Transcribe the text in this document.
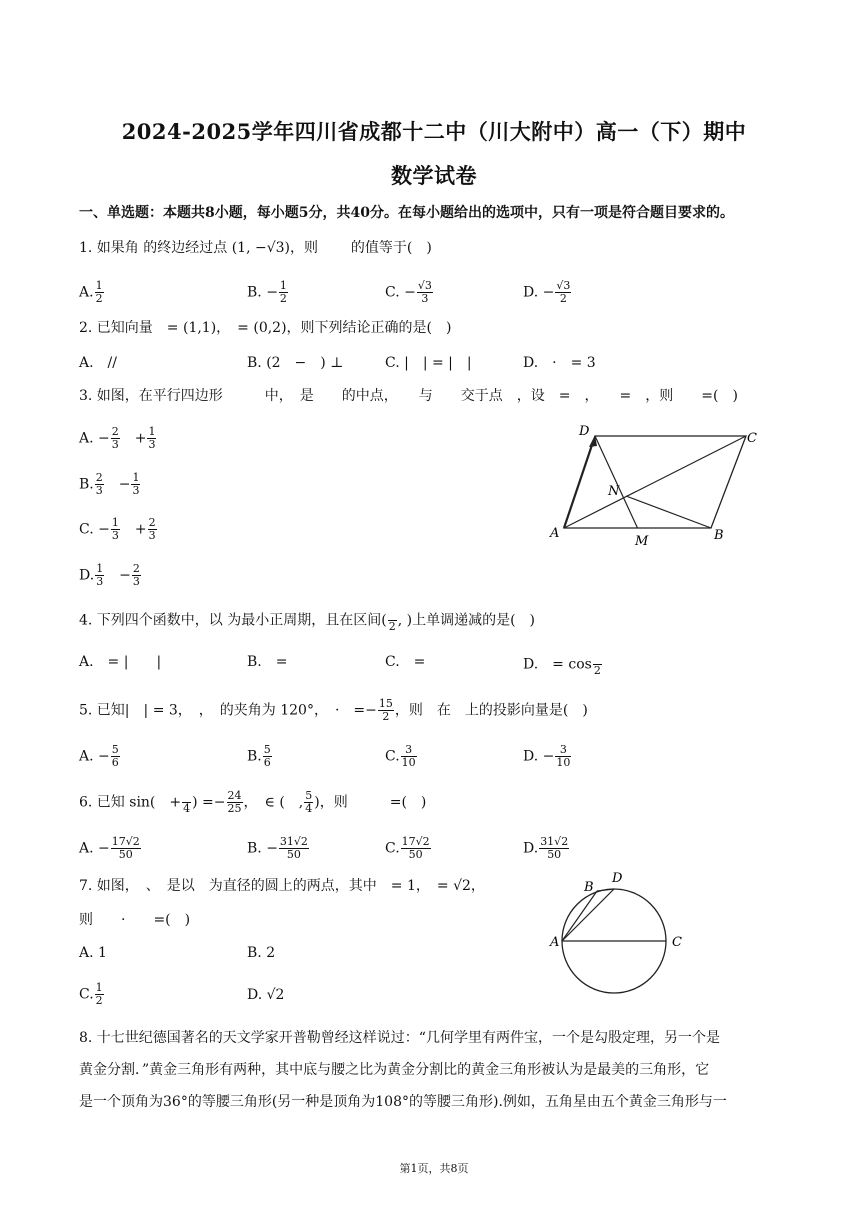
2024-2025学年四川省成都十二中（川大附中）高一（下）期中
数学试卷
一、单选题：本题共8小题，每小题5分，共40分。在每小题给出的选项中，只有一项是符合题目要求的。
1. 如果角 的终边经过点 (1, −√3)，则 的值等于(　)
A. $\frac{1}{2}$	B. − $\frac{1}{2}$	C. − $\frac{√3}{3}$	D. − $\frac{√3}{2}$
2. 已知向量　= (1,1)，　= (0,2)，则下列结论正确的是(　)
A.　//	B. (2　−　) ⊥	C. |　| = |　|	D.　·　= 3
3. 如图，在平行四边形　　　中，　是　　的中点，　　与　　交于点　，设　=　，　　=　，则　　=(　)
A. − $\frac{2}{3}$ 　+ $\frac{1}{3}$
B. $\frac{2}{3}$ 　− $\frac{1}{3}$
C. − $\frac{1}{3}$ 　+ $\frac{2}{3}$
D. $\frac{1}{3}$ 　− $\frac{2}{3}$
D	C
N
A
M	B
4. 下列四个函数中，以 为最小正周期，且在区间(
2 , )上单调递减的是(　)
A.　= |　　|	B.　=	C.　=	D.　= cos
2
5. 已知|　| = 3，　，　的夹角为 120°，　·　=− $\frac{15}{2}$ ，则　在　上的投影向量是(　)
A. − $\frac{5}{6}$	B. $\frac{5}{6}$	C. $\frac{3}{10}$	D. − $\frac{3}{10}$
6. 已知 sin(　+
4 ) =− $\frac{24}{25}$ ，　∈ (　, $\frac{5}{4}$ )，则　　　=(　)
A. − $\frac{17√2}{50}$	B. − $\frac{31√2}{50}$	C. $\frac{17√2}{50}$	D. $\frac{31√2}{50}$
7. 如图，　、　是以　为直径的圆上的两点，其中　= 1，　= √2，
则　　·　　=(　)
A. 1	B. 2
C. $\frac{1}{2}$	D. √2
B
D
A	C
8. 十七世纪德国著名的天文学家开普勒曾经这样说过：“几何学里有两件宝，一个是勾股定理，另一个是
黄金分割．”黄金三角形有两种，其中底与腰之比为黄金分割比的黄金三角形被认为是最美的三角形，它
是一个顶角为36°的等腰三角形(另一种是顶角为108°的等腰三角形).例如，五角星由五个黄金三角形与一
第1页，共8页
